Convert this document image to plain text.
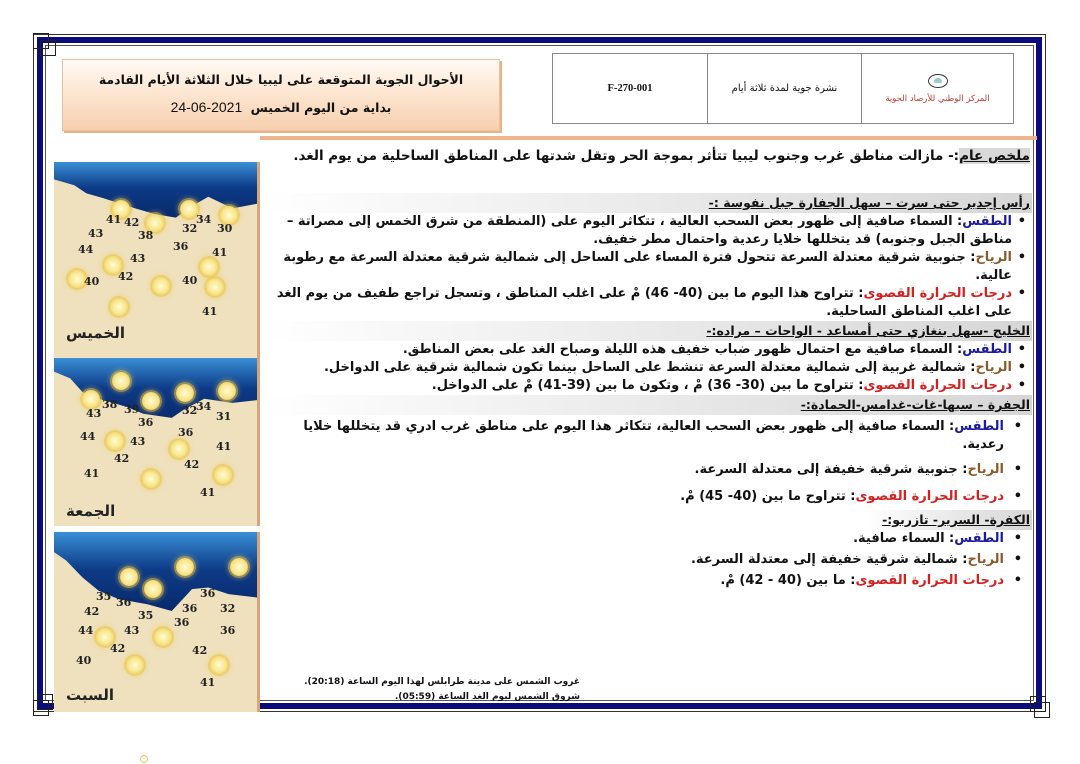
الأحوال الجوية المتوقعة على ليبيا خلال الثلاثة الأيام القادمة
بداية من اليوم الخميس 2021-06-24
المركز الوطني للأرصاد الجوية
نشرة جوية لمدة ثلاثة أيام
F-270-001
ملخص عام:- مازالت مناطق غرب وجنوب ليبيا تتأثر بموجة الحر وتقل شدتها على المناطق الساحلية من يوم الغد.
رأس إجدير حتى سرت – سهل الجفارة جبل نفوسة :-
• الطقس: السماء صافية إلى ظهور بعض السحب العالية ، تتكاثر اليوم على (المنطقة من شرق الخمس إلى مصراتة – مناطق الجبل وجنوبه) قد يتخللها خلايا رعدية واحتمال مطر خفيف.
• الرياح: جنوبية شرقية معتدلة السرعة تتحول فترة المساء على الساحل إلى شمالية شرقية معتدلة السرعة مع رطوبة عالية.
• درجات الحرارة القصوى: تتراوح هذا اليوم ما بين (40- 46) مْ على اغلب المناطق ، وتسجل تراجع طفيف من يوم الغد على اغلب المناطق الساحلية.
الخليج -سهل بنغازي حتى أمساعد - الواحات – مراده:-
• الطقس: السماء صافية مع احتمال ظهور ضباب خفيف هذه الليلة وصباح الغد على بعض المناطق.
• الرياح: شمالية غربية إلى شمالية معتدلة السرعة تنشط على الساحل بينما تكون شمالية شرقية على الدواخل.
• درجات الحرارة القصوى: تتراوح ما بين (30- 36) مْ ، وتكون ما بين (39-41) مْ على الدواخل.
الجفرة – سبها-غات-غدامس-الحمادة:-
• الطقس: السماء صافية إلى ظهور بعض السحب العالية، تتكاثر هذا اليوم على مناطق غرب ادري قد يتخللها خلايا رعدية.
• الرياح: جنوبية شرقية خفيفة إلى معتدلة السرعة.
• درجات الحرارة القصوى: تتراوح ما بين (40- 45) مْ.
الكفرة- السرير- تازربو:-
• الطقس: السماء صافية.
• الرياح: شمالية شرقية خفيفة إلى معتدلة السرعة.
• درجات الحرارة القصوى: ما بين (40 - 42) مْ.
غروب الشمس على مدينة طرابلس لهذا اليوم الساعة (20:18).
شروق الشمس ليوم الغد الساعة (05:59).
الخميس
41 42
43	38
44
43
42
40
32
34
30
36 41
40
41
الجمعة
38 39
43
36
44	43
42
41
32
34
31
36
41
42
41
السبت
35 36
42	35
44	43
42
40
36
36 32
36
36
42
41
